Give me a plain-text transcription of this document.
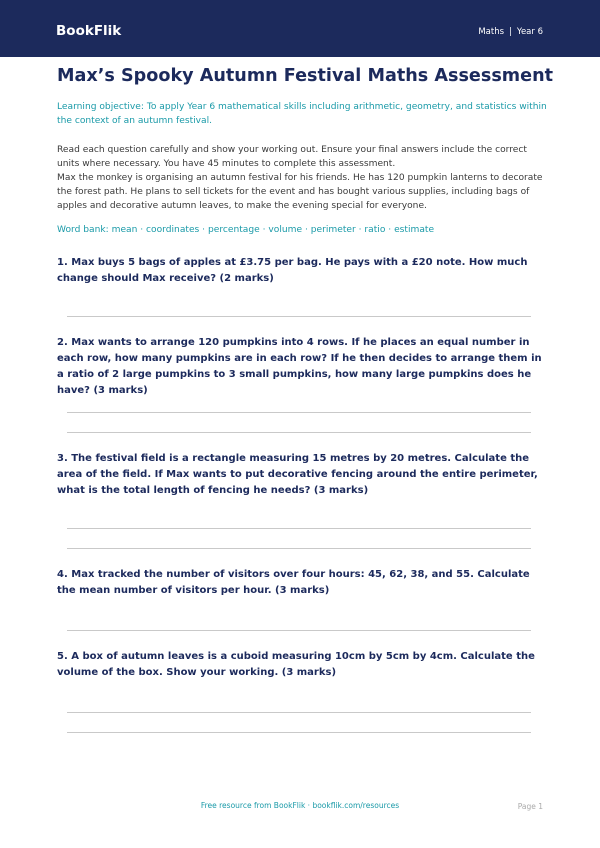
BookFlik	Maths | Year 6
Max’s Spooky Autumn Festival Maths Assessment
Learning objective: To apply Year 6 mathematical skills including arithmetic, geometry, and statistics within the context of an autumn festival.
Read each question carefully and show your working out. Ensure your final answers include the correct units where necessary. You have 45 minutes to complete this assessment.
Max the monkey is organising an autumn festival for his friends. He has 120 pumpkin lanterns to decorate the forest path. He plans to sell tickets for the event and has bought various supplies, including bags of apples and decorative autumn leaves, to make the evening special for everyone.
Word bank: mean · coordinates · percentage · volume · perimeter · ratio · estimate
1. Max buys 5 bags of apples at £3.75 per bag. He pays with a £20 note. How much change should Max receive? (2 marks)
2. Max wants to arrange 120 pumpkins into 4 rows. If he places an equal number in each row, how many pumpkins are in each row? If he then decides to arrange them in a ratio of 2 large pumpkins to 3 small pumpkins, how many large pumpkins does he have? (3 marks)
3. The festival field is a rectangle measuring 15 metres by 20 metres. Calculate the area of the field. If Max wants to put decorative fencing around the entire perimeter, what is the total length of fencing he needs? (3 marks)
4. Max tracked the number of visitors over four hours: 45, 62, 38, and 55. Calculate the mean number of visitors per hour. (3 marks)
5. A box of autumn leaves is a cuboid measuring 10cm by 5cm by 4cm. Calculate the volume of the box. Show your working. (3 marks)
Free resource from BookFlik · bookflik.com/resources	Page 1
